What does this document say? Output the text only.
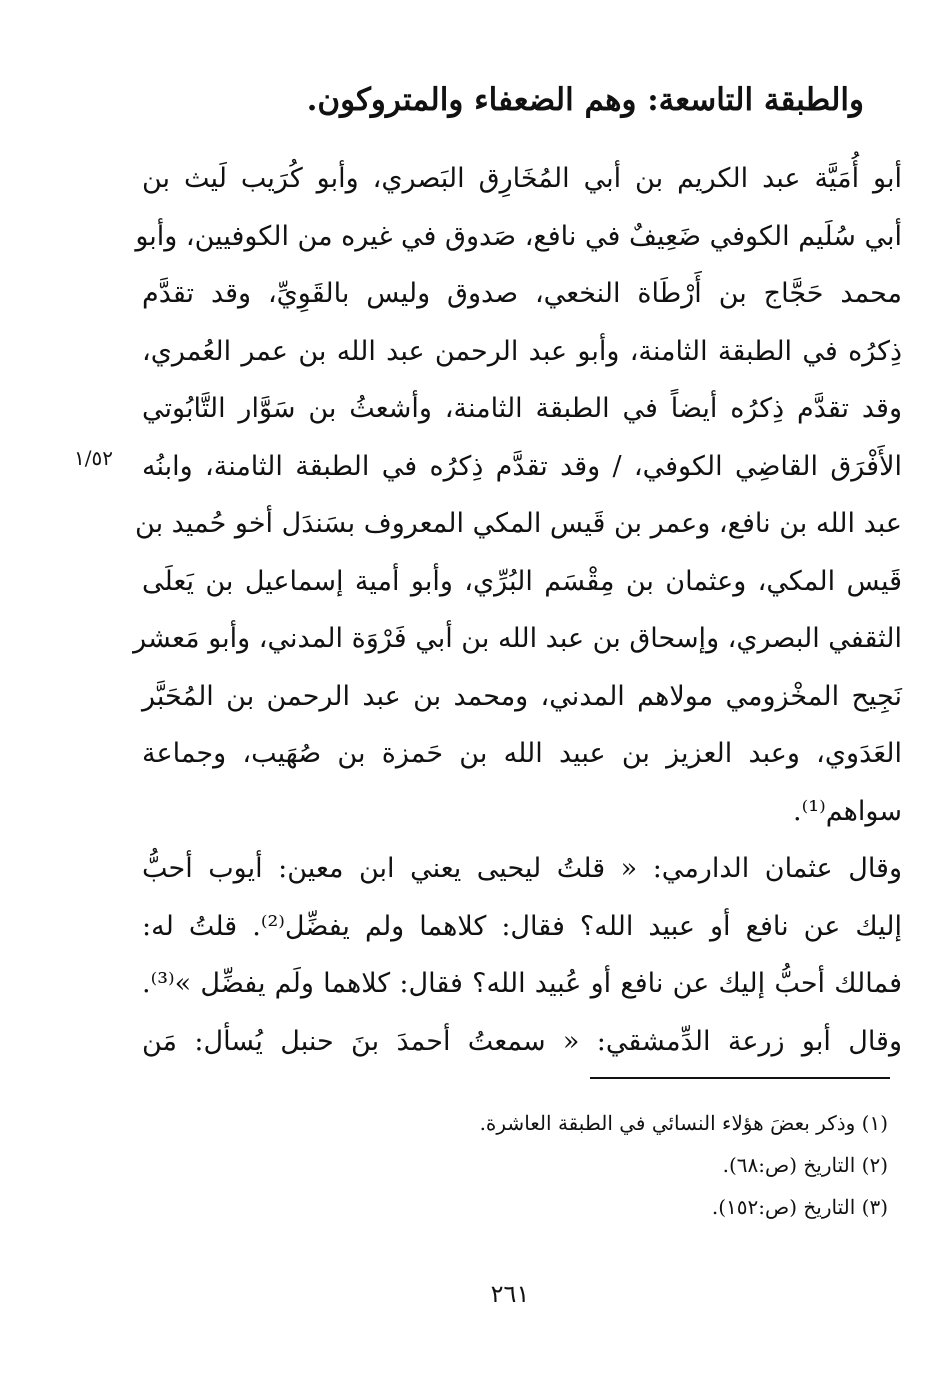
والطبقة التاسعة: وهم الضعفاء والمتروكون.
أبو أُمَيَّة عبد الكريم بن أبي المُخَارِق البَصري، وأبو كُرَيب لَيث بن
أبي سُلَيم الكوفي ضَعِيفٌ في نافع، صَدوق في غيره من الكوفيين، وأبو
محمد حَجَّاج بن أَرْطَاة النخعي، صدوق وليس بالقَوِيِّ، وقد تقدَّم
ذِكرُه في الطبقة الثامنة، وأبو عبد الرحمن عبد الله بن عمر العُمري،
وقد تقدَّم ذِكرُه أيضاً في الطبقة الثامنة، وأشعثُ بن سَوَّار التَّابُوتي
الأَفْرَق القاضِي الكوفي، / وقد تقدَّم ذِكرُه في الطبقة الثامنة، وابنُه
عبد الله بن نافع، وعمر بن قَيس المكي المعروف بسَندَل أخو حُميد بن
قَيس المكي، وعثمان بن مِقْسَم البُرِّي، وأبو أمية إسماعيل بن يَعلَى
الثقفي البصري، وإسحاق بن عبد الله بن أبي فَرْوَة المدني، وأبو مَعشر
نَجِيح المخْزومي مولاهم المدني، ومحمد بن عبد الرحمن بن المُحَبَّر
العَدَوي، وعبد العزيز بن عبيد الله بن حَمزة بن صُهَيب، وجماعة
سواهم⁽¹⁾.
وقال عثمان الدارمي: « قلتُ ليحيى يعني ابن معين: أيوب أحبُّ
إليك عن نافع أو عبيد الله؟ فقال: كلاهما ولم يفضِّل⁽²⁾. قلتُ له:
فمالك أحبُّ إليك عن نافع أو عُبيد الله؟ فقال: كلاهما ولَم يفضِّل »⁽³⁾.
وقال أبو زرعة الدِّمشقي: « سمعتُ أحمدَ بنَ حنبل يُسأل: مَن
١/٥٢
(١) وذكر بعضَ هؤلاء النسائي في الطبقة العاشرة.
(٢) التاريخ (ص:٦٨).
(٣) التاريخ (ص:١٥٢).
٢٦١
